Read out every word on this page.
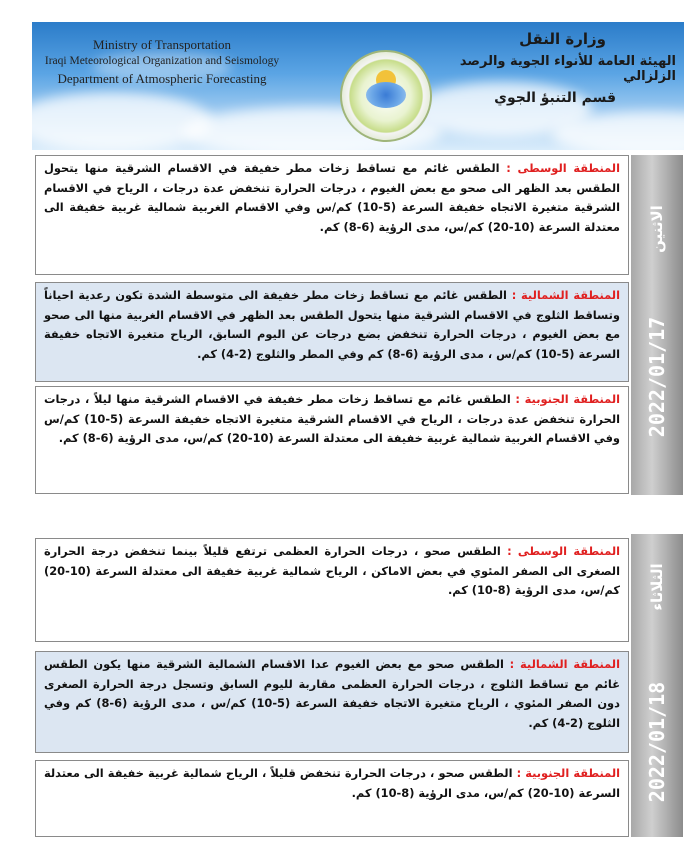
Ministry of Transportation
Iraqi Meteorological Organization and Seismology
Department of Atmospheric Forecasting
وزارة النقل
الهيئة العامة للأنواء الجوية والرصد الزلزالي
قسم التنبؤ الجوي
2022/01/17
الاثنين
المنطقة الوسطى : الطقس غائم مع تساقط زخات مطر خفيفة في الاقسام الشرقية منها يتحول الطقس بعد الظهر الى صحو مع بعض الغيوم ، درجات الحرارة تنخفض عدة درجات ، الرياح في الاقسام الشرقية متغيرة الاتجاه خفيفة السرعة (5-10) كم/س وفي الاقسام الغربية شمالية غربية خفيفة الى معتدلة السرعة (10-20) كم/س، مدى الرؤية (6-8) كم.
المنطقة الشمالية : الطقس غائم مع تساقط زخات مطر خفيفة الى متوسطة الشدة تكون رعدية احياناً وتساقط الثلوج في الاقسام الشرقية منها يتحول الطقس بعد الظهر في الاقسام الغربية منها الى صحو مع بعض الغيوم ، درجات الحرارة تنخفض بضع درجات عن اليوم السابق، الرياح متغيرة الاتجاه خفيفة السرعة (5-10) كم/س ، مدى الرؤية (6-8) كم وفي المطر والثلوج (2-4) كم.
المنطقة الجنوبية : الطقس غائم مع تساقط زخات مطر خفيفة في الاقسام الشرقية منها ليلاً ، درجات الحرارة تنخفض عدة درجات ، الرياح في الاقسام الشرقية متغيرة الاتجاه خفيفة السرعة (5-10) كم/س وفي الاقسام الغربية شمالية غربية خفيفة الى معتدلة السرعة (10-20) كم/س، مدى الرؤية (6-8) كم.
2022/01/18
الثلاثاء
المنطقة الوسطى : الطقس صحو ، درجات الحرارة العظمى ترتفع قليلاً بينما تنخفض درجة الحرارة الصغرى الى الصفر المئوي في بعض الاماكن ، الرياح شمالية غربية خفيفة الى معتدلة السرعة (10-20) كم/س، مدى الرؤية (8-10) كم.
المنطقة الشمالية : الطقس صحو مع بعض الغيوم عدا الاقسام الشمالية الشرقية منها يكون الطقس غائم مع تساقط الثلوج ، درجات الحرارة العظمى مقاربة لليوم السابق وتسجل درجة الحرارة الصغرى دون الصفر المئوي ، الرياح متغيرة الاتجاه خفيفة السرعة (5-10) كم/س ، مدى الرؤية (6-8) كم وفي الثلوج (2-4) كم.
المنطقة الجنوبية : الطقس صحو ، درجات الحرارة تنخفض قليلاً ، الرياح شمالية غربية خفيفة الى معتدلة السرعة (10-20) كم/س، مدى الرؤية (8-10) كم.
